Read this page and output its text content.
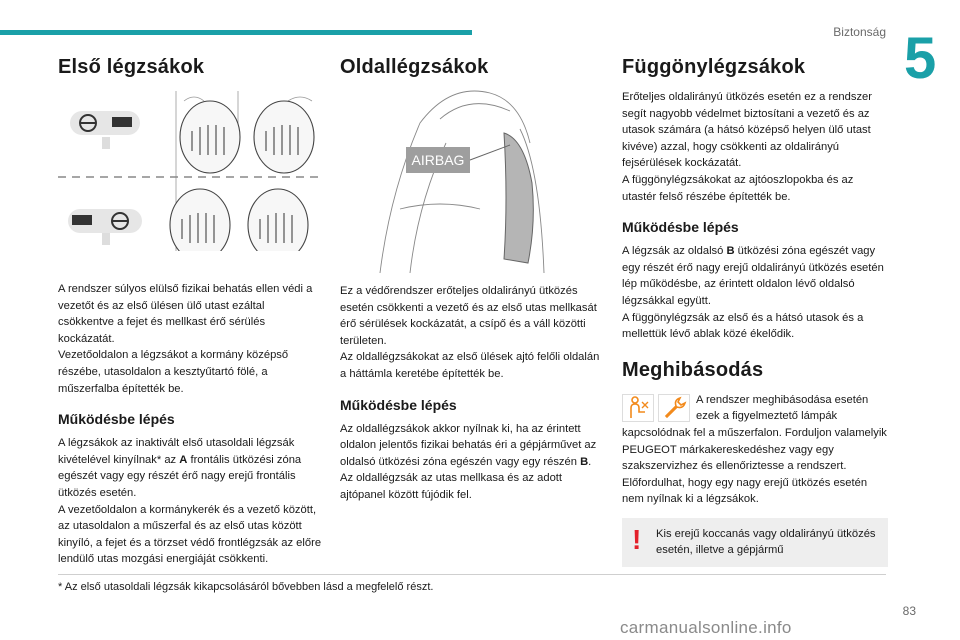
Biztonság 5
Első légzsákok

A rendszer súlyos elülső fizikai behatás ellen védi a vezetőt és az első ülésen ülő utast ezáltal csökkentve a fejet és mellkast érő sérülés kockázatát.
Vezetőoldalon a légzsákot a kormány középső részébe, utasoldalon a kesztyűtartó fölé, a műszerfalba építették be.

Működésbe lépés

A légzsákok az inaktivált első utasoldali légzsák kivételével kinyílnak* az A frontális ütközési zóna egészét vagy egy részét érő nagy erejű frontális ütközés esetén.
A vezetőoldalon a kormánykerék és a vezető között, az utasoldalon a műszerfal és az első utas között kinyíló, a fejet és a törzset védő frontlégzsák az előre lendülő utas mozgási energiáját csökkenti.

Oldallégzsákok
AIRBAG

Ez a védőrendszer erőteljes oldalirányú ütközés esetén csökkenti a vezető és az első utas mellkasát érő sérülések kockázatát, a csípő és a váll közötti területen.
Az oldallégzsákokat az első ülések ajtó felőli oldalán a háttámla keretébe építették be.

Működésbe lépés

Az oldallégzsákok akkor nyílnak ki, ha az érintett oldalon jelentős fizikai behatás éri a gépjárművet az oldalsó ütközési zóna egészén vagy egy részén B.
Az oldallégzsák az utas mellkasa és az adott ajtópanel között fújódik fel.

Függönylégzsákok

Erőteljes oldalirányú ütközés esetén ez a rendszer segít nagyobb védelmet biztosítani a vezető és az utasok számára (a hátsó középső helyen ülő utast kivéve) azzal, hogy csökkenti az oldalirányú fejsérülések kockázatát.
A függönylégzsákokat az ajtóoszlopokba és az utastér felső részébe építették be.

Működésbe lépés

A légzsák az oldalsó B ütközési zóna egészét vagy egy részét érő nagy erejű oldalirányú ütközés esetén lép működésbe, az érintett oldalon lévő oldalsó légzsákkal együtt.
A függönylégzsák az első és a hátsó utasok és a mellettük lévő ablak közé ékelődik.

Meghibásodás

A rendszer meghibásodása esetén ezek a figyelmeztető lámpák

kapcsolódnak fel a műszerfalon. Forduljon valamelyik PEUGEOT márkakereskedéshez vagy egy szakszervizhez és ellenőriztesse a rendszert.
Előfordulhat, hogy egy nagy erejű ütközés esetén nem nyílnak ki a légzsákok.

! Kis erejű koccanás vagy oldalirányú ütközés esetén, illetve a gépjármű

* Az első utasoldali légzsák kikapcsolásáról bővebben lásd a megfelelő részt.
83
carmanualsonline.info
